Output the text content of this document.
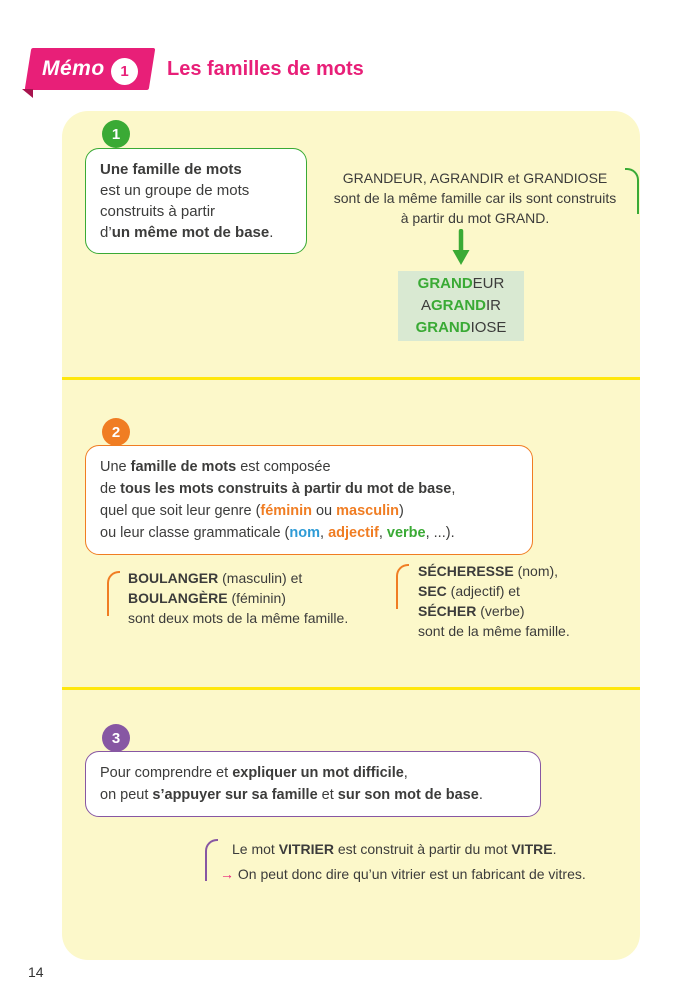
Mémo	1	Les familles de mots
1
Une famille de mots
est un groupe de mots
construits à partir
d’un même mot de base.
GRANDEUR, AGRANDIR et GRANDIOSE
sont de la même famille car ils sont construits
à partir du mot GRAND.
GRANDEUR
AGRANDIR
GRANDIOSE
2
Une famille de mots est composée
de tous les mots construits à partir du mot de base,
quel que soit leur genre (féminin ou masculin)
ou leur classe grammaticale (nom, adjectif, verbe, ...).
BOULANGER (masculin) et
BOULANGÈRE (féminin)
sont deux mots de la même famille.
SÉCHERESSE (nom),
SEC (adjectif) et
SÉCHER (verbe)
sont de la même famille.
3
Pour comprendre et expliquer un mot difficile,
on peut s’appuyer sur sa famille et sur son mot de base.
Le mot VITRIER est construit à partir du mot VITRE.
→ On peut donc dire qu’un vitrier est un fabricant de vitres.
14
